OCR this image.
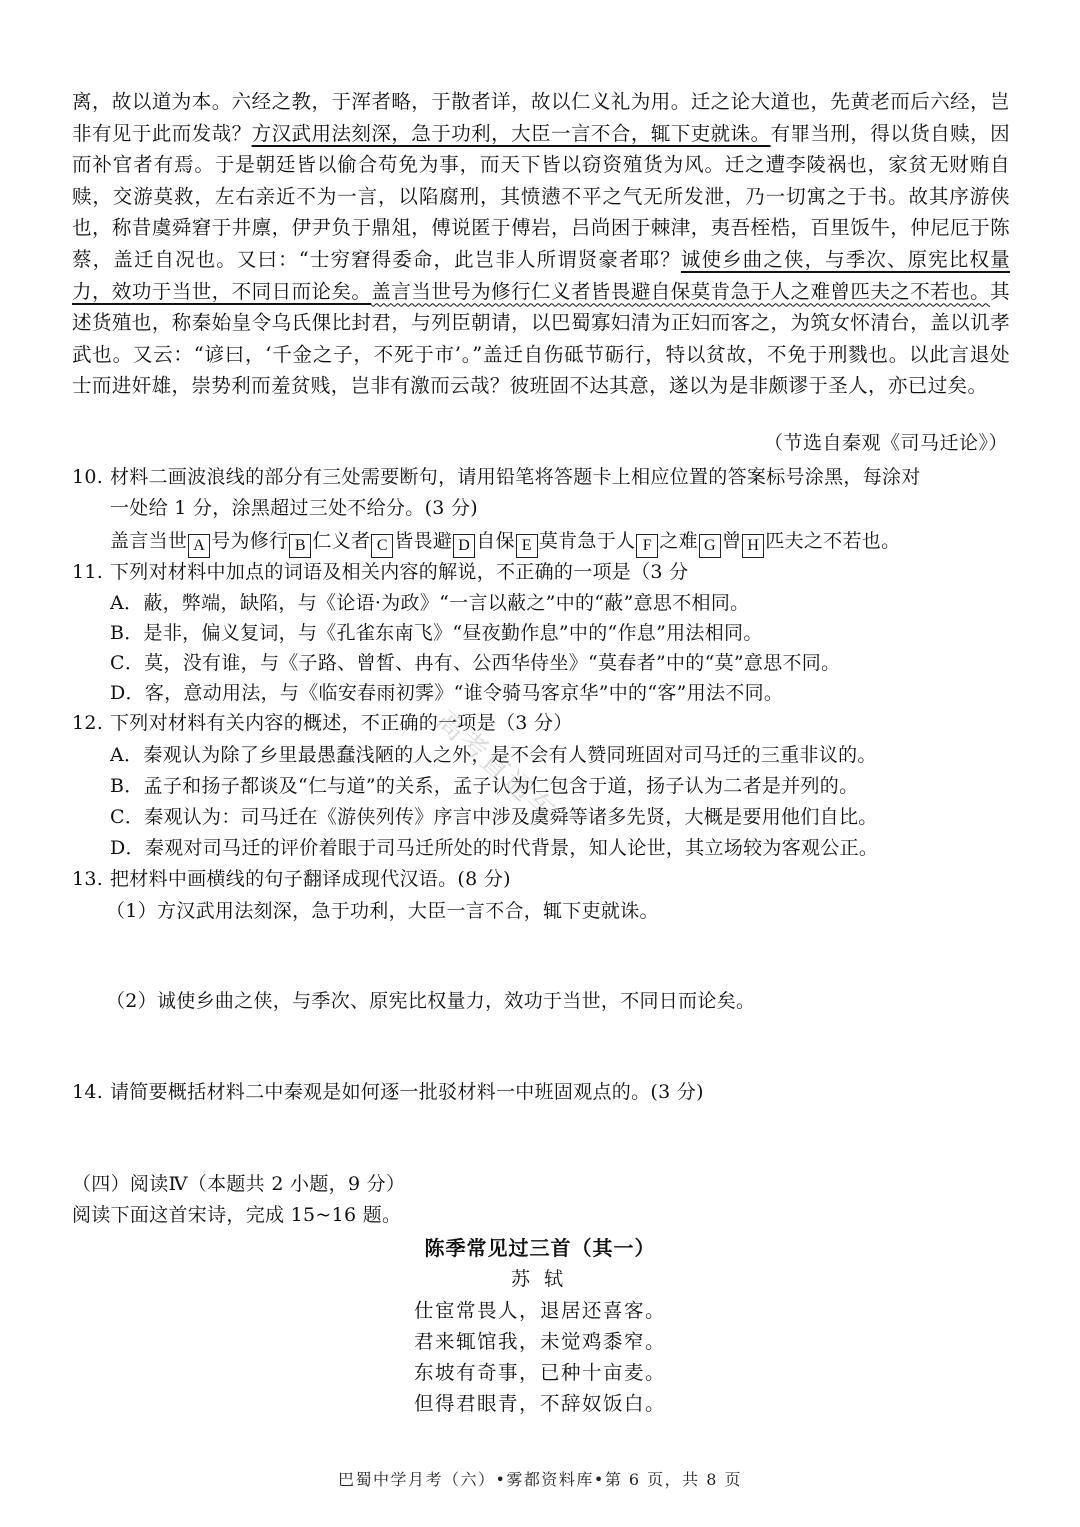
离，故以道为本。六经之教，于浑者略，于散者详，故以仁义礼为用。迁之论大道也，先黄老而后六经，岂非有见于此而发哉？方汉武用法刻深，急于功利，大臣一言不合，辄下吏就诛。有罪当刑，得以货自赎，因而补官者有焉。于是朝廷皆以偷合苟免为事，而天下皆以窃资殖货为风。迁之遭李陵祸也，家贫无财贿自赎，交游莫救，左右亲近不为一言，以陷腐刑，其愤懑不平之气无所发泄，乃一切寓之于书。故其序游侠也，称昔虞舜窘于井廪，伊尹负于鼎俎，傅说匿于傅岩，吕尚困于棘津，夷吾桎梏，百里饭牛，仲尼厄于陈蔡，盖迁自况也。又曰：“士穷窘得委命，此岂非人所谓贤豪者耶？诚使乡曲之侠，与季次、原宪比权量力，效功于当世，不同日而论矣。盖言当世号为修行仁义者皆畏避自保莫肯急于人之难曾匹夫之不若也。其述货殖也，称秦始皇令乌氏倮比封君，与列臣朝请，以巴蜀寡妇清为正妇而客之，为筑女怀清台，盖以讥孝武也。又云：“谚曰，‘千金之子，不死于市’。”盖迁自伤砥节砺行，特以贫故，不免于刑戮也。以此言退处士而进奸雄，崇势利而羞贫贱，岂非有激而云哉？彼班固不达其意，遂以为是非颇谬于圣人，亦已过矣。
（节选自秦观《司马迁论》）
10. 材料二画波浪线的部分有三处需要断句，请用铅笔将答题卡上相应位置的答案标号涂黑，每涂对
一处给 1 分，涂黑超过三处不给分。(3 分)
盖言当世 A 号为修行 B 仁义者 C 皆畏避 D 自保 E 莫肯急于人 F 之难 G 曾 H 匹夫之不若也。
11. 下列对材料中加点的词语及相关内容的解说，不正确的一项是（3 分
A．蔽，弊端，缺陷，与《论语·为政》“一言以蔽之”中的“蔽”意思不相同。
B．是非，偏义复词，与《孔雀东南飞》“昼夜勤作息”中的“作息”用法相同。
C．莫，没有谁，与《子路、曾皙、冉有、公西华侍坐》“莫春者”中的“莫”意思不同。
D．客，意动用法，与《临安春雨初霁》“谁令骑马客京华”中的“客”用法不同。
12. 下列对材料有关内容的概述，不正确的一项是（3 分）
A．秦观认为除了乡里最愚蠢浅陋的人之外，是不会有人赞同班固对司马迁的三重非议的。
B．孟子和扬子都谈及“仁与道”的关系，孟子认为仁包含于道，扬子认为二者是并列的。
C．秦观认为：司马迁在《游侠列传》序言中涉及虞舜等诸多先贤，大概是要用他们自比。
D．秦观对司马迁的评价着眼于司马迁所处的时代背景，知人论世，其立场较为客观公正。
13. 把材料中画横线的句子翻译成现代汉语。(8 分)
（1）方汉武用法刻深，急于功利，大臣一言不合，辄下吏就诛。
（2）诚使乡曲之侠，与季次、原宪比权量力，效功于当世，不同日而论矣。
14. 请简要概括材料二中秦观是如何逐一批驳材料一中班固观点的。(3 分)
（四）阅读Ⅳ（本题共 2 小题，9 分）
阅读下面这首宋诗，完成 15~16 题。
陈季常见过三首（其一）
苏轼
仕宦常畏人，退居还喜客。
君来辄馆我，未觉鸡黍窄。
东坡有奇事，已种十亩麦。
但得君眼青，不辞奴饭白。
巴蜀中学月考（六）•雾都资料库•第 6 页，共 8 页
高考直通车
